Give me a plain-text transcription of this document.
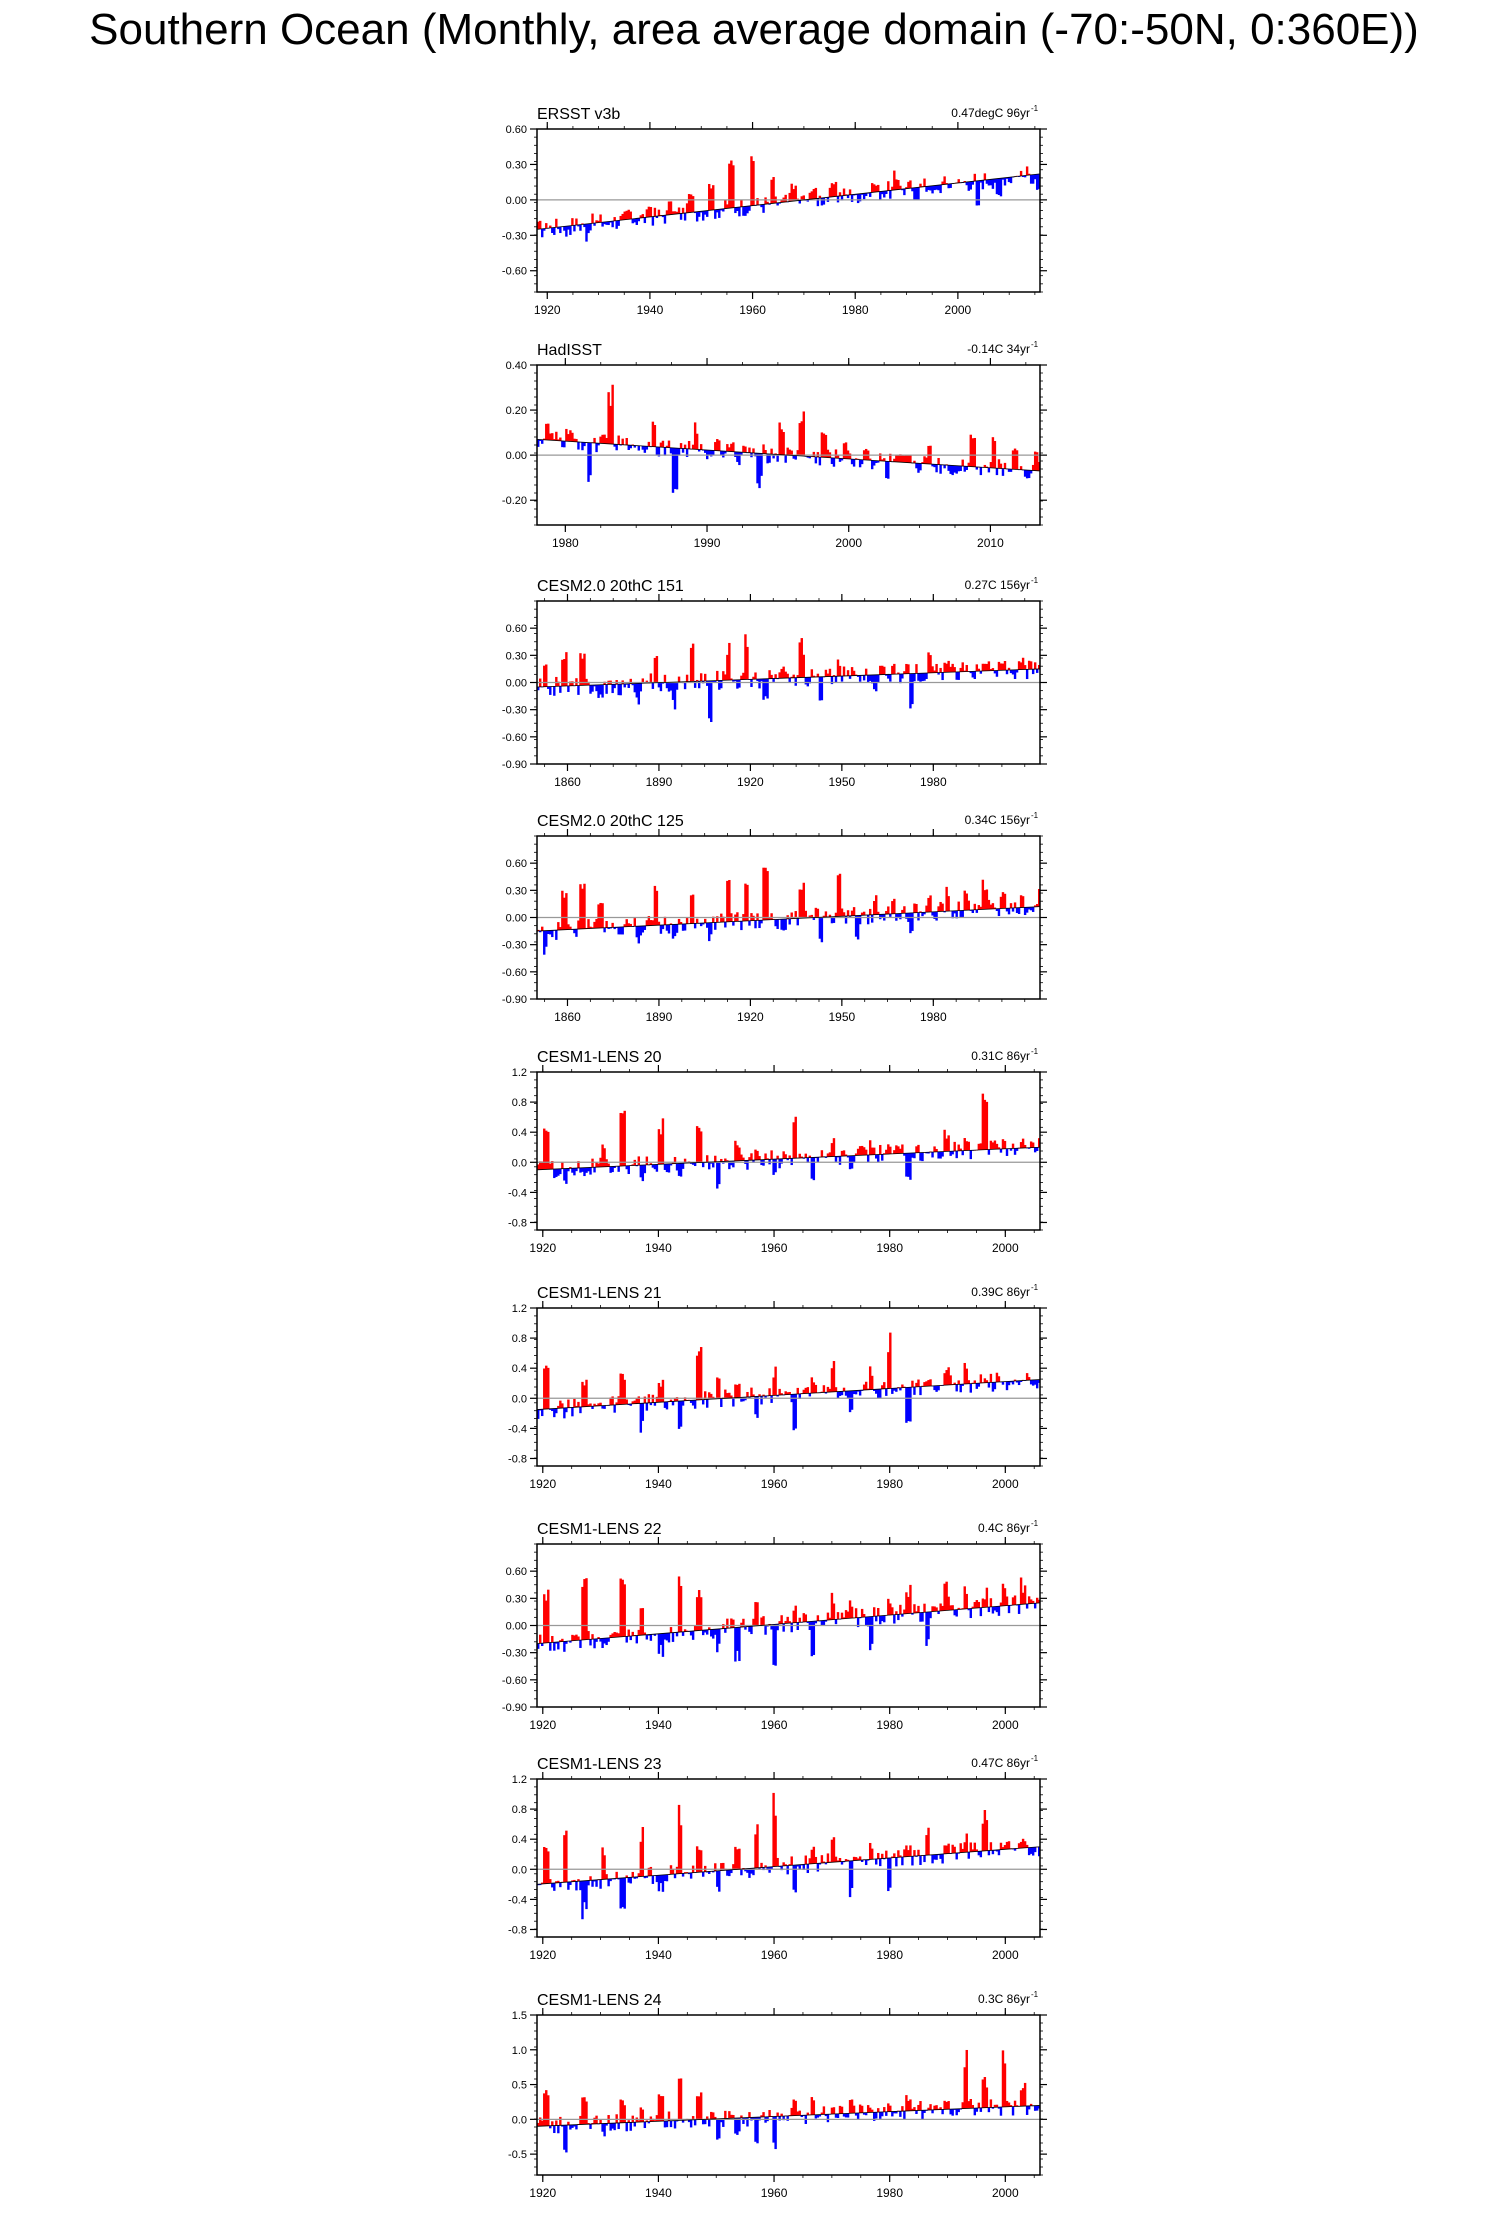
Southern Ocean (Monthly, area average domain (-70:-50N, 0:360E))
0.60
0.30
0.00
-0.30
-0.60
1920	1940	1960	1980	2000
ERSST v3b	0.47degC 96yr -1
0.40
0.20
0.00
-0.20
1980	1990	2000	2010
HadISST	-0.14C 34yr -1
0.60
0.30
0.00
-0.30
-0.60
-0.90
1860	1890	1920	1950	1980
CESM2.0 20thC 151	0.27C 156yr -1
0.60
0.30
0.00
-0.30
-0.60
-0.90
1860	1890	1920	1950	1980
CESM2.0 20thC 125	0.34C 156yr -1
1.2
0.8
0.4
0.0
-0.4
-0.8
1920	1940	1960	1980	2000
CESM1-LENS 20	0.31C 86yr -1
1.2
0.8
0.4
0.0
-0.4
-0.8
1920	1940	1960	1980	2000
CESM1-LENS 21	0.39C 86yr -1
0.60
0.30
0.00
-0.30
-0.60
-0.90
1920	1940	1960	1980	2000
CESM1-LENS 22	0.4C 86yr -1
1.2
0.8
0.4
0.0
-0.4
-0.8
1920	1940	1960	1980	2000
CESM1-LENS 23	0.47C 86yr -1
1.5
1.0
0.5
0.0
-0.5
1920	1940	1960	1980	2000
CESM1-LENS 24	0.3C 86yr -1
